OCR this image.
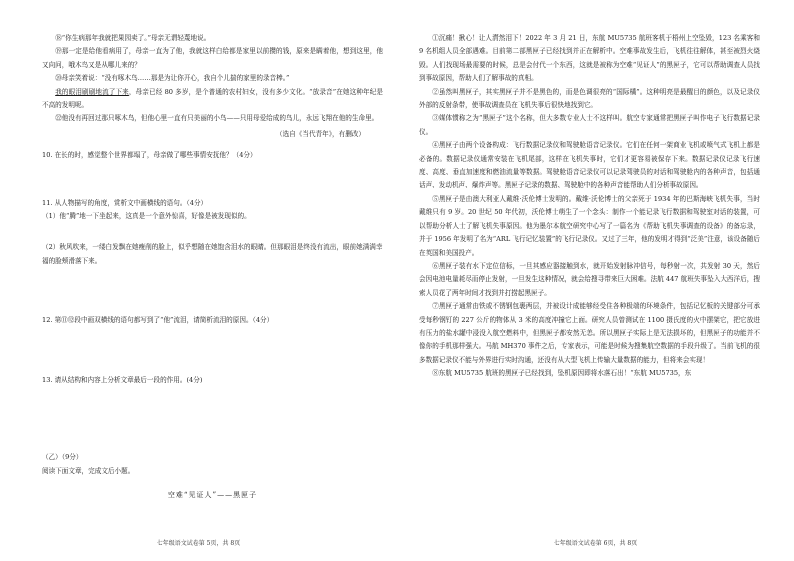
⑱“你生病那年我就把果园卖了。”母亲无谓轻蔑地说。

⑲那一定是给他看病用了，母亲一直为了他，我就这样白给都是家里以前攒的钱，原来是瞒着他，想到这里，他又向问，哦木鸟又是从哪儿来的？

⑳母亲笑着说：“没有啄木鸟……那是为让你开心，我自个儿揣的家里的录音棒。”

我的眼泪刷刷地流了下来，母亲已经 80 多岁，是个普通的农村妇女，没有多少文化。“放录音”在她这种年纪是不高的发明呢。

㉒他没有再回过那只啄木鸟，但他心里一直有只美丽的小鸟——只用母爱给成的鸟儿，永远飞翔在他的生命里。

（选自《当代青年》，有删改）

10. 在长的时，感觉整个世界都塌了，母亲做了哪些事情安抚他？（4分）

11. 从人物描写的角度，赏析文中画横线的语句。（4分）

（1）他“腾”地一下坐起来，这真是一个意外惊喜，好像是被发现似的。

（2）秋风吹来，一缕白发飘在她瘦削的脸上，似乎想随在她饱含泪水的眼睛。但那眼泪是终没有流出，眼前她满满幸福的脸颊滑落下来。

12. 第⑪⑫段中画双横线的语句都写到了“他”流泪，请简析流泪的原因。（4分）

13. 请从结构和内容上分析文章最后一段的作用。(4分)

（乙）（9分）

阅读下面文章，完成文后小题。

空难“见证人”——黑匣子

七年级语文试卷第 5页，共 8页

①沉痛！揪心！让人潸然泪下！2022 年 3 月 21 日，东航 MU5735 航班客机于梧州上空坠毁，123 名乘客和 9 名机组人员全部遇难。目前第二部黑匣子已经找到并正在解析中。空难事故发生后，飞机往往解体，甚至被烈火烧毁。人们找现场最需要的时候，总是会付代一个东西，这就是被称为空难“见证人”的黑匣子，它可以帮助调查人员找到事故原因，帮助人们了解事故的真相。

②虽然叫黑匣子，其实黑匣子并不是黑色的，而是色调很亮的“国际橘”。这种明亮是最醒目的颜色，以及记录仪外部的反射条带，使事故调查员在飞机失事后很快地找到它。

③媒体惯称之为“黑匣子”这个名称，但大多数专业人士不这样叫。航空专家通常把黑匣子叫作电子飞行数据记录仪。

④黑匣子由两个设备构成：飞行数据记录仪和驾驶舱语音记录仪。它们在任何一架商业飞机或喷气式飞机上都是必备的。数据记录仪通常安装在飞机尾部，这样在飞机失事时，它们才更容易被保存下来。数据记录仪记录飞行速度、高度、垂直加速度和燃油流量等数据。驾驶舱语音记录仪可以记录驾驶员的对话和驾驶舱内的各种声音，包括通话声、发动机声、爆炸声等。黑匣子记录的数据、驾驶舱中的各种声音能帮助人们分析事故原因。

⑤黑匣子是由澳大利亚人戴维·沃伦博士发明的。戴维·沃伦博士的父亲死于 1934 年的巴斯海峡飞机失事，当时戴维只有 9 岁。20 世纪 50 年代初，沃伦博士萌生了一个念头：制作一个能记录飞行数据和驾驶室对话的装置，可以帮助分析人士了解飞机失事原因。他为墨尔本航空研究中心写了一篇名为《帮助飞机失事调查的设备》的备忘录，并于 1956 年发明了名为“ARL 飞行记忆装置”的飞行记录仪。又过了三年，他的发明才得到“泛美”注意，该设备随后在英国和美国投产。

⑥黑匣子装有水下定位信标，一旦其感应器接触到水，就开始发射脉冲信号，每秒射一次，共发射 30 天，然后会因电池电量耗尽而停止发射，一旦发生这种情况，就会给搜寻带来巨大困难。法航 447 航班失事坠入大西洋后，搜索人员花了两年时间才找到并打捞起黑匣子。

⑦黑匣子通常由铁或不锈钢包裹两层，并被设计成能够经受住各种极端的环境条件，包括记忆板的关键部分可承受每秒钢钉的 227 公斤的物体从 3 米的高度冲撞它上面。研究人员曾测试在 1100 摄氏度的火中摆架它，把它放进有压力的盐水罐中浸没入航空燃料中，但黑匣子都安然无恙。所以黑匣子实际上是无法损坏的，但黑匣子的功能并不像你的手机那样强大。马航 MH370 事件之后，专家表示，可能是时候为搜集航空数据的手段升级了。当前飞机的很多数据记录仪不能与外界进行实时沟通，还没有从大型飞机上传输大量数据的能力，但将来会实现！

⑧东航 MU5735 航班的黑匣子已经找到，坠机原因即将水落石出！“东航 MU5735，东

七年级语文试卷第 6页，共 8页
